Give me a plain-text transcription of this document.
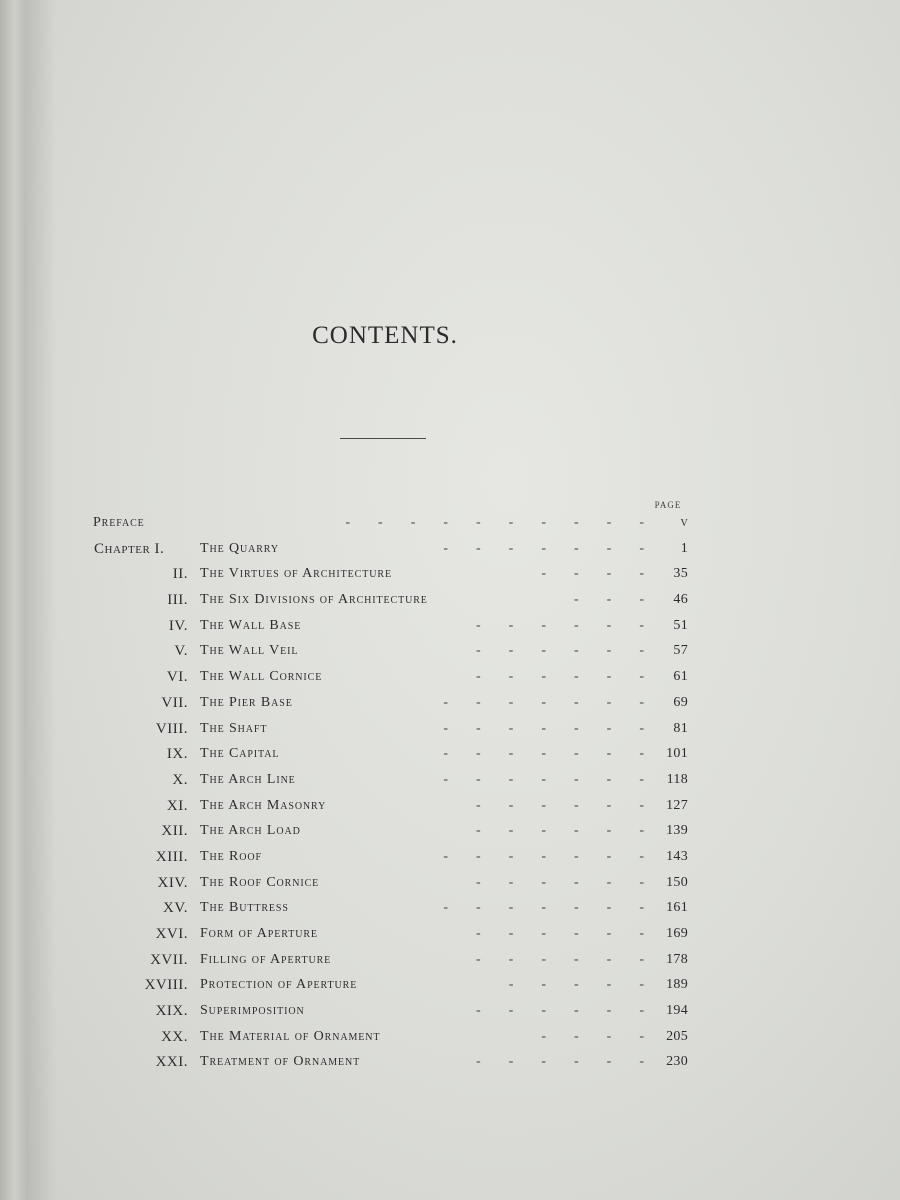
CONTENTS.
PAGE
Preface	-        -        -        -        -        -        -        -        -        -	v
Chapter I.	The Quarry	-        -        -        -        -        -        -	1
II. The Virtues of Architecture	-        -        -        -	35
III. The Six Divisions of Architecture	-        -        -	46
IV. The Wall Base	-        -        -        -        -        -	51
V. The Wall Veil	-        -        -        -        -        -	57
VI. The Wall Cornice	-        -        -        -        -        -	61
VII. The Pier Base	-        -        -        -        -        -        -	69
VIII. The Shaft	-        -        -        -        -        -        -	81
IX. The Capital	-        -        -        -        -        -        -	101
X. The Arch Line	-        -        -        -        -        -        -	118
XI. The Arch Masonry	-        -        -        -        -        -	127
XII. The Arch Load	-        -        -        -        -        -	139
XIII. The Roof	-        -        -        -        -        -        -	143
XIV. The Roof Cornice	-        -        -        -        -        -	150
XV. The Buttress	-        -        -        -        -        -        -	161
XVI. Form of Aperture	-        -        -        -        -        -	169
XVII. Filling of Aperture	-        -        -        -        -        -	178
XVIII. Protection of Aperture	-        -        -        -        -	189
XIX. Superimposition	-        -        -        -        -        -	194
XX. The Material of Ornament	-        -        -        -	205
XXI. Treatment of Ornament	-        -        -        -        -        -	230
